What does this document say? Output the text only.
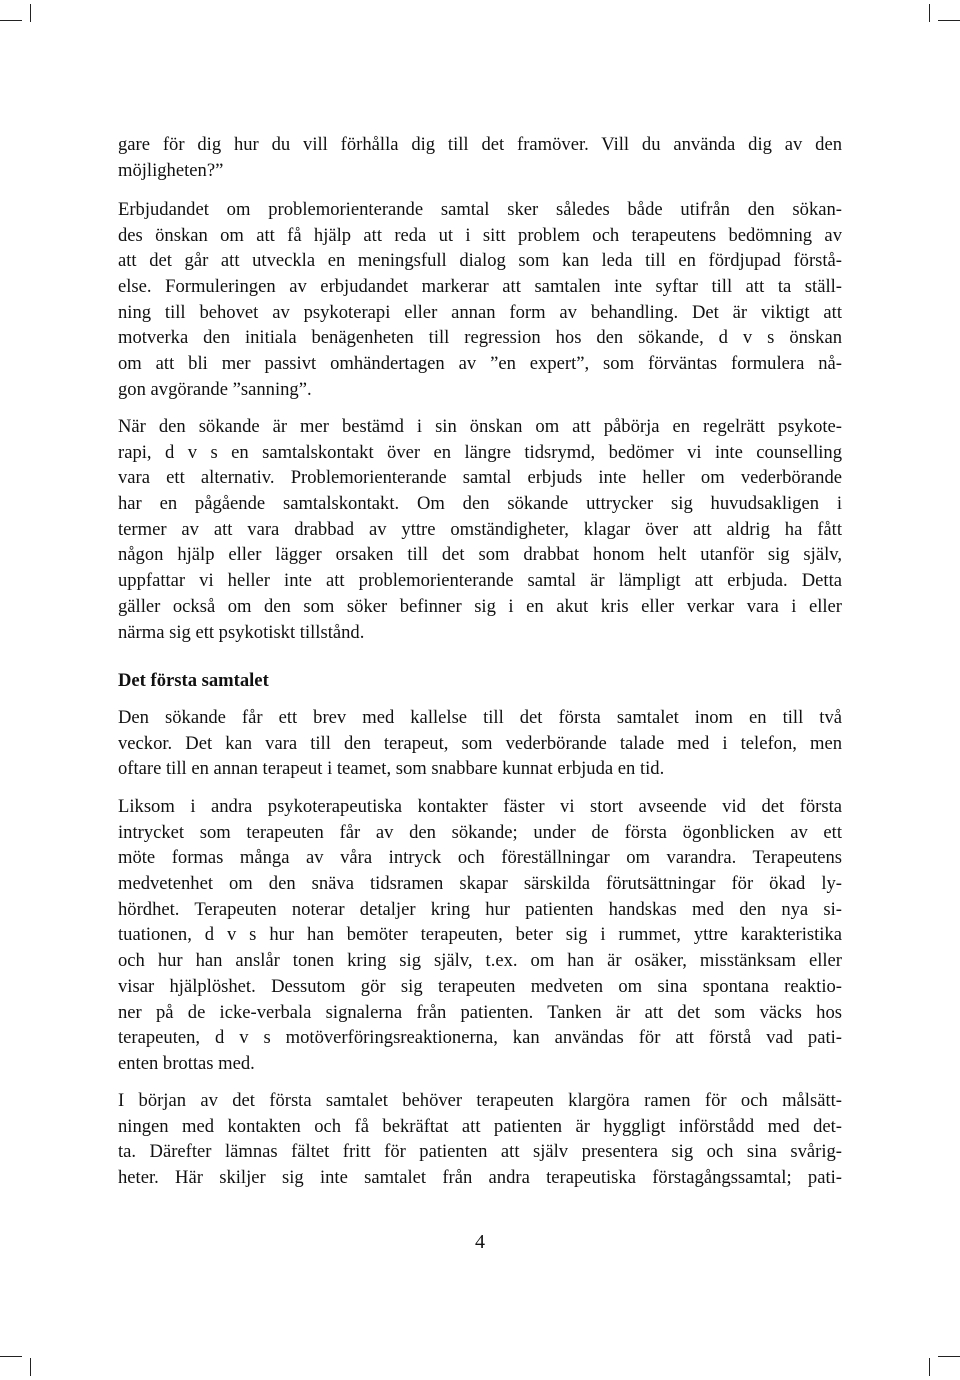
gare för dig hur du vill förhålla dig till det framöver. Vill du använda dig av den
möjligheten?”
Erbjudandet om problemorienterande samtal sker således både utifrån den sökan-
des önskan om att få hjälp att reda ut i sitt problem och terapeutens bedömning av
att det går att utveckla en meningsfull dialog som kan leda till en fördjupad förstå-
else. Formuleringen av erbjudandet markerar att samtalen inte syftar till att ta ställ-
ning till behovet av psykoterapi eller annan form av behandling. Det är viktigt att
motverka den initiala benägenheten till regression hos den sökande, d v s önskan
om att bli mer passivt omhändertagen av ”en expert”, som förväntas formulera nå-
gon avgörande ”sanning”.
När den sökande är mer bestämd i sin önskan om att påbörja en regelrätt psykote-
rapi, d v s en samtalskontakt över en längre tidsrymd, bedömer vi inte counselling
vara ett alternativ. Problemorienterande samtal erbjuds inte heller om vederbörande
har en pågående samtalskontakt. Om den sökande uttrycker sig huvudsakligen i
termer av att vara drabbad av yttre omständigheter, klagar över att aldrig ha fått
någon hjälp eller lägger orsaken till det som drabbat honom helt utanför sig själv,
uppfattar vi heller inte att problemorienterande samtal är lämpligt att erbjuda. Detta
gäller också om den som söker befinner sig i en akut kris eller verkar vara i eller
närma sig ett psykotiskt tillstånd.
Det första samtalet
Den sökande får ett brev med kallelse till det första samtalet inom en till två
veckor. Det kan vara till den terapeut, som vederbörande talade med i telefon, men
oftare till en annan terapeut i teamet, som snabbare kunnat erbjuda en tid.
Liksom i andra psykoterapeutiska kontakter fäster vi stort avseende vid det första
intrycket som terapeuten får av den sökande; under de första ögonblicken av ett
möte formas många av våra intryck och föreställningar om varandra. Terapeutens
medvetenhet om den snäva tidsramen skapar särskilda förutsättningar för ökad ly-
hördhet. Terapeuten noterar detaljer kring hur patienten handskas med den nya si-
tuationen, d v s hur han bemöter terapeuten, beter sig i rummet, yttre karakteristika
och hur han anslår tonen kring sig själv, t.ex. om han är osäker, misstänksam eller
visar hjälplöshet. Dessutom gör sig terapeuten medveten om sina spontana reaktio-
ner på de icke-verbala signalerna från patienten. Tanken är att det som väcks hos
terapeuten, d v s motöverföringsreaktionerna, kan användas för att förstå vad pati-
enten brottas med.
I början av det första samtalet behöver terapeuten klargöra ramen för och målsätt-
ningen med kontakten och få bekräftat att patienten är hyggligt införstådd med det-
ta. Därefter lämnas fältet fritt för patienten att själv presentera sig och sina svårig-
heter. Här skiljer sig inte samtalet från andra terapeutiska förstagångssamtal; pati-
4
